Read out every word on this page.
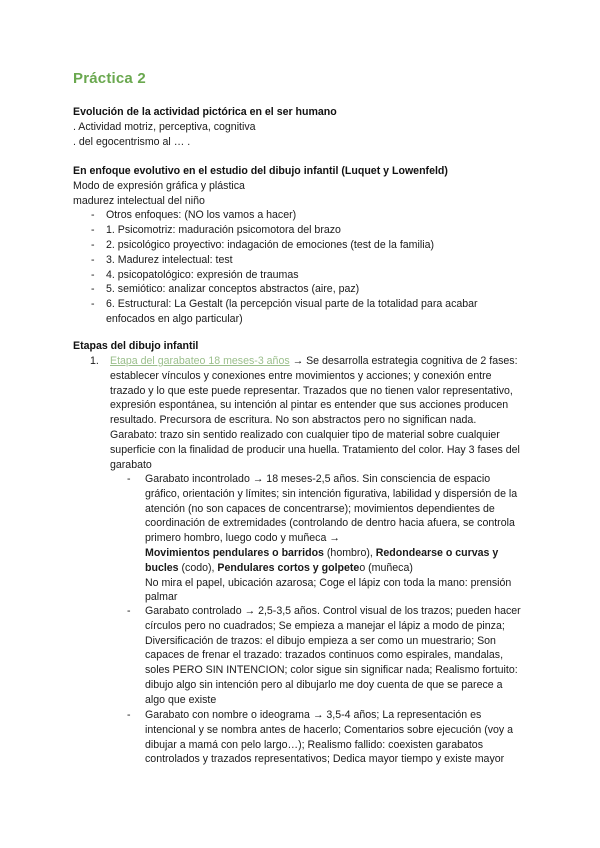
Práctica 2

Evolución de la actividad pictórica en el ser humano

. Actividad motriz, perceptiva, cognitiva

. del egocentrismo al … .

En enfoque evolutivo en el estudio del dibujo infantil (Luquet y Lowenfeld)

Modo de expresión gráfica y plástica

madurez intelectual del niño

- Otros enfoques: (NO los vamos a hacer)
- 1. Psicomotriz: maduración psicomotora del brazo
- 2. psicológico proyectivo: indagación de emociones (test de la familia)
- 3. Madurez intelectual: test
- 4. psicopatológico: expresión de traumas
- 5. semiótico: analizar conceptos abstractos (aire, paz)
- 6. Estructural: La Gestalt (la percepción visual parte de la totalidad para acabar enfocados en algo particular)

Etapas del dibujo infantil

1. Etapa del garabateo 18 meses-3 años → Se desarrolla estrategia cognitiva de 2 fases: establecer vínculos y conexiones entre movimientos y acciones; y conexión entre trazado y lo que este puede representar. Trazados que no tienen valor representativo, expresión espontánea, su intención al pintar es entender que sus acciones producen resultado. Precursora de escritura. No son abstractos pero no significan nada. Garabato: trazo sin sentido realizado con cualquier tipo de material sobre cualquier superficie con la finalidad de producir una huella. Tratamiento del color. Hay 3 fases del garabato

- Garabato incontrolado → 18 meses-2,5 años. Sin consciencia de espacio gráfico, orientación y límites; sin intención figurativa, labilidad y dispersión de la atención (no son capaces de concentrarse); movimientos dependientes de coordinación de extremidades (controlando de dentro hacia afuera, se controla primero hombro, luego codo y muñeca →
Movimientos pendulares o barridos (hombro), Redondearse o curvas y bucles (codo), Pendulares cortos y golpeteo (muñeca)

No mira el papel, ubicación azarosa; Coge el lápiz con toda la mano: prensión palmar

- Garabato controlado → 2,5-3,5 años. Control visual de los trazos; pueden hacer círculos pero no cuadrados; Se empieza a manejar el lápiz a modo de pinza; Diversificación de trazos: el dibujo empieza a ser como un muestrario; Son capaces de frenar el trazado: trazados continuos como espirales, mandalas, soles PERO SIN INTENCION; color sigue sin significar nada; Realismo fortuito: dibujo algo sin intención pero al dibujarlo me doy cuenta de que se parece a algo que existe

- Garabato con nombre o ideograma → 3,5-4 años; La representación es intencional y se nombra antes de hacerlo; Comentarios sobre ejecución (voy a dibujar a mamá con pelo largo…); Realismo fallido: coexisten garabatos controlados y trazados representativos; Dedica mayor tiempo y existe mayor
